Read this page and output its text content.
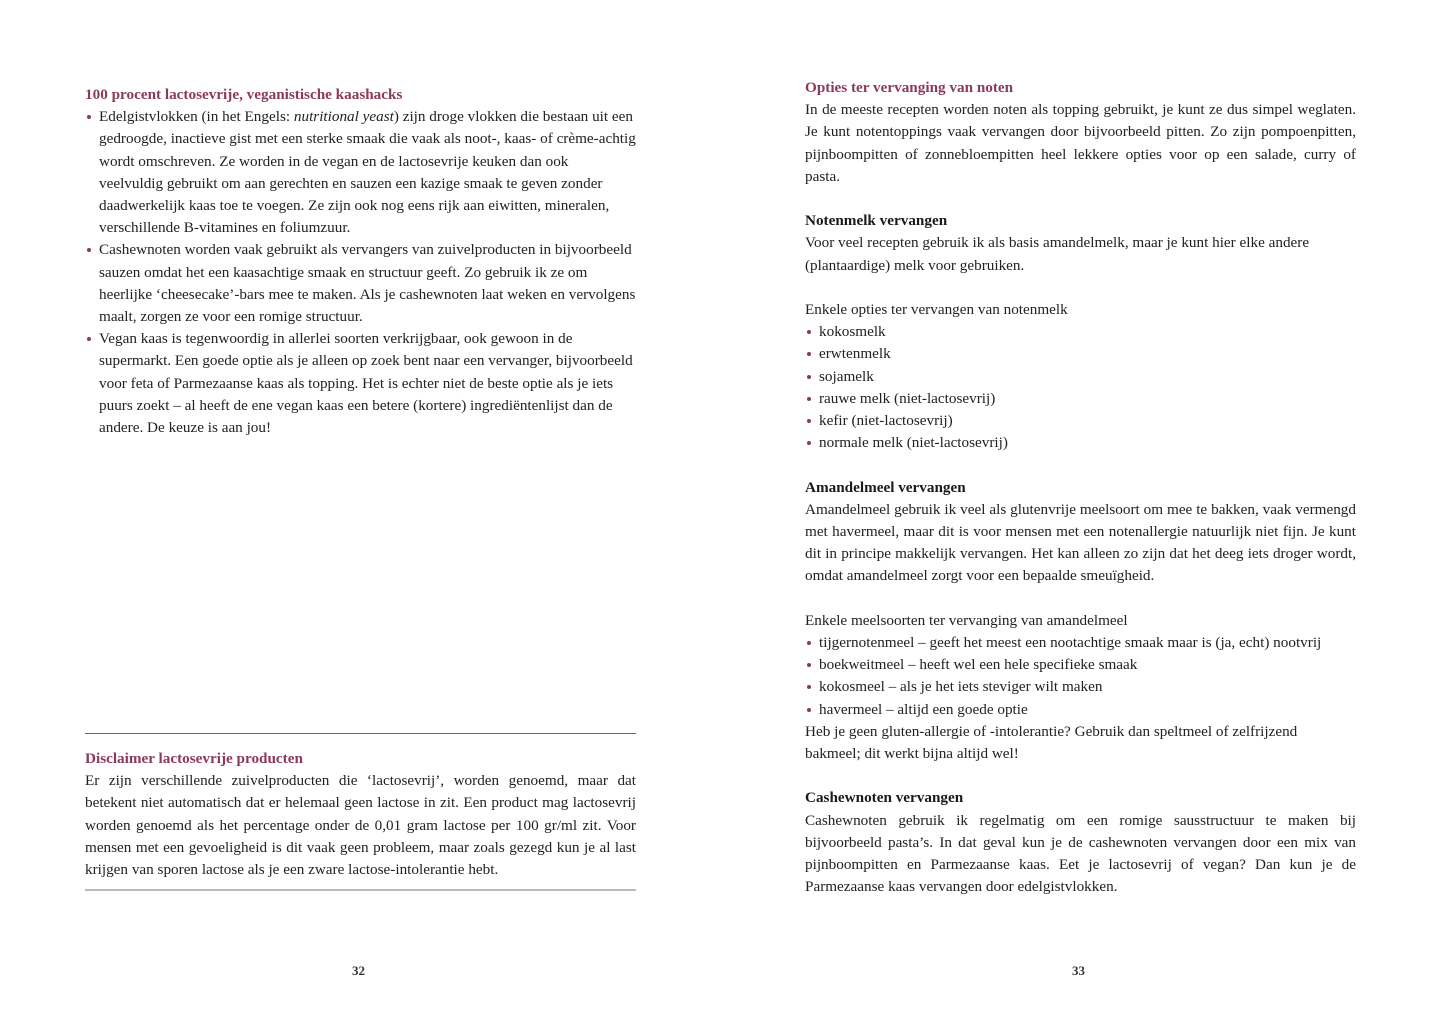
100 procent lactosevrije, veganistische kaashacks
Edelgistvlokken (in het Engels: nutritional yeast) zijn droge vlokken die bestaan uit een gedroogde, inactieve gist met een sterke smaak die vaak als noot-, kaas- of crème-achtig wordt omschreven. Ze worden in de vegan en de lactosevrije keuken dan ook veelvuldig gebruikt om aan gerechten en sauzen een kazige smaak te geven zonder daadwerkelijk kaas toe te voegen. Ze zijn ook nog eens rijk aan eiwitten, mineralen, verschillende B-vitamines en foliumzuur.
Cashewnoten worden vaak gebruikt als vervangers van zuivelproducten in bijvoorbeeld sauzen omdat het een kaasachtige smaak en structuur geeft. Zo gebruik ik ze om heerlijke ‘cheesecake’-bars mee te maken. Als je cashewnoten laat weken en vervolgens maalt, zorgen ze voor een romige structuur.
Vegan kaas is tegenwoordig in allerlei soorten verkrijgbaar, ook gewoon in de supermarkt. Een goede optie als je alleen op zoek bent naar een vervanger, bijvoorbeeld voor feta of Parmezaanse kaas als topping. Het is echter niet de beste optie als je iets puurs zoekt – al heeft de ene vegan kaas een betere (kortere) ingrediëntenlijst dan de andere. De keuze is aan jou!
Disclaimer lactosevrije producten

Er zijn verschillende zuivelproducten die ‘lactosevrij’, worden genoemd, maar dat betekent niet automatisch dat er helemaal geen lactose in zit. Een product mag lactosevrij worden genoemd als het percentage onder de 0,01 gram lactose per 100 gr/ml zit. Voor mensen met een gevoeligheid is dit vaak geen probleem, maar zoals gezegd kun je al last krijgen van sporen lactose als je een zware lactose-intolerantie hebt.

32
Opties ter vervanging van noten

In de meeste recepten worden noten als topping gebruikt, je kunt ze dus simpel weglaten. Je kunt notentoppings vaak vervangen door bijvoorbeeld pitten. Zo zijn pompoenpitten, pijnboompitten of zonnebloempitten heel lekkere opties voor op een salade, curry of pasta.

Notenmelk vervangen

Voor veel recepten gebruik ik als basis amandelmelk, maar je kunt hier elke andere (plantaardige) melk voor gebruiken.

Enkele opties ter vervangen van notenmelk

kokosmelk
erwtenmelk
sojamelk
rauwe melk (niet-lactosevrij)
kefir (niet-lactosevrij)
normale melk (niet-lactosevrij)
Amandelmeel vervangen

Amandelmeel gebruik ik veel als glutenvrije meelsoort om mee te bakken, vaak vermengd met havermeel, maar dit is voor mensen met een notenallergie natuurlijk niet fijn. Je kunt dit in principe makkelijk vervangen. Het kan alleen zo zijn dat het deeg iets droger wordt, omdat amandelmeel zorgt voor een bepaalde smeuïgheid.

Enkele meelsoorten ter vervanging van amandelmeel

tijgernotenmeel – geeft het meest een nootachtige smaak maar is (ja, echt) nootvrij
boekweitmeel – heeft wel een hele specifieke smaak
kokosmeel – als je het iets steviger wilt maken
havermeel – altijd een goede optie

Heb je geen gluten-allergie of -intolerantie? Gebruik dan speltmeel of zelfrijzend bakmeel; dit werkt bijna altijd wel!

Cashewnoten vervangen

Cashewnoten gebruik ik regelmatig om een romige sausstructuur te maken bij bijvoorbeeld pasta’s. In dat geval kun je de cashewnoten vervangen door een mix van pijnboompitten en Parmezaanse kaas. Eet je lactosevrij of vegan? Dan kun je de Parmezaanse kaas vervangen door edelgistvlokken.

33
